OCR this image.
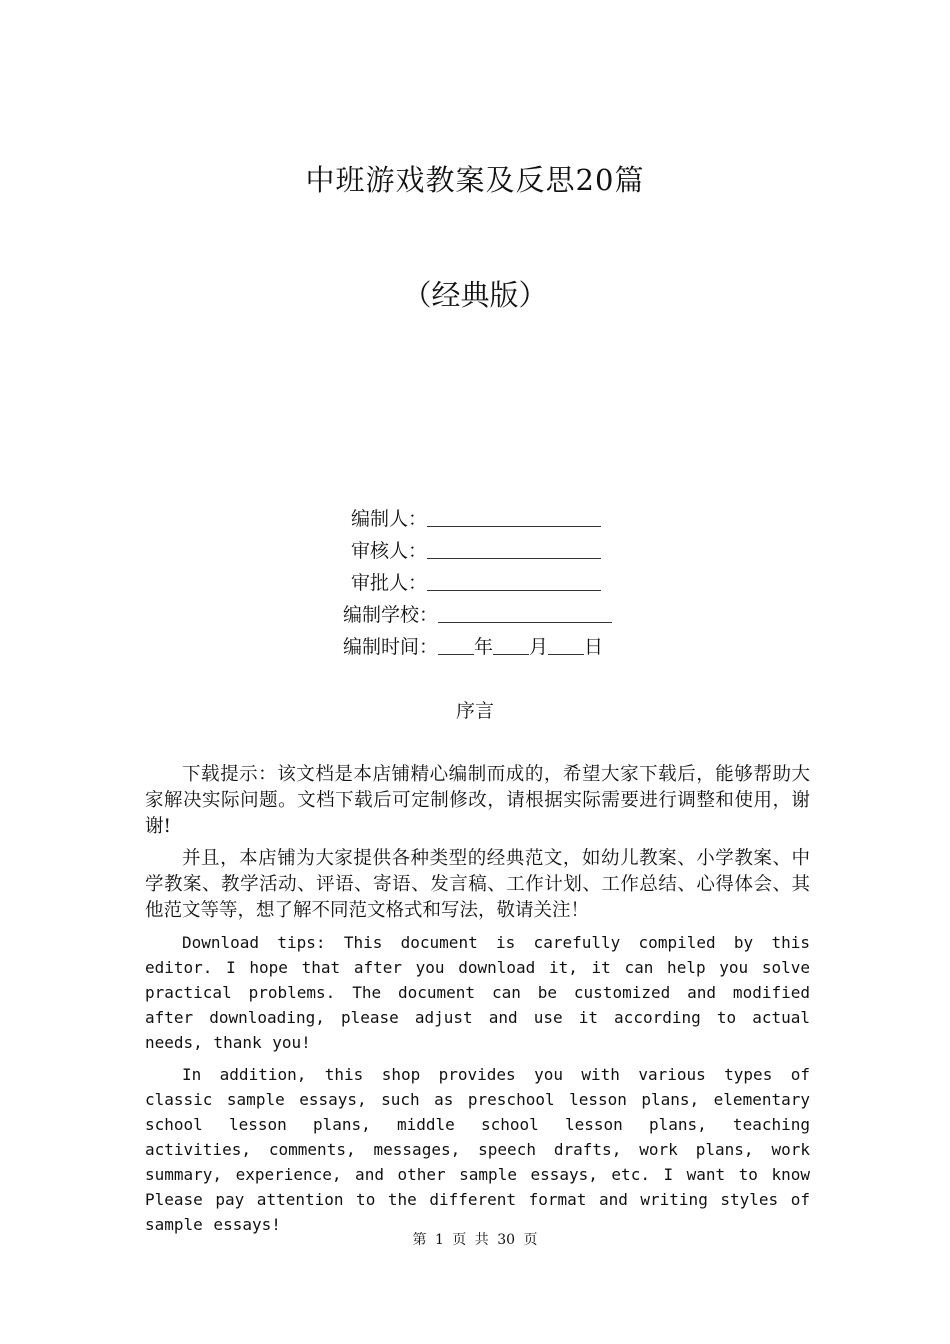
中班游戏教案及反思20篇
（经典版）
编制人：
审核人：
审批人：
编制学校：
编制时间： 年 月 日
序言

下载提示：该文档是本店铺精心编制而成的，希望大家下载后，能够帮助大家解决实际问题。文档下载后可定制修改，请根据实际需要进行调整和使用，谢谢!

并且，本店铺为大家提供各种类型的经典范文，如幼儿教案、小学教案、中学教案、教学活动、评语、寄语、发言稿、工作计划、工作总结、心得体会、其他范文等等，想了解不同范文格式和写法，敬请关注！

Download tips: This document is carefully compiled by this editor. I hope that after you download it, it can help you solve practical problems. The document can be customized and modified after downloading, please adjust and use it according to actual needs, thank you!

In addition, this shop provides you with various types of classic sample essays, such as preschool lesson plans, elementary school lesson plans, middle school lesson plans, teaching activities, comments, messages, speech drafts, work plans, work summary, experience, and other sample essays, etc. I want to know Please pay attention to the different format and writing styles of sample essays!

第 1 页 共 30 页
